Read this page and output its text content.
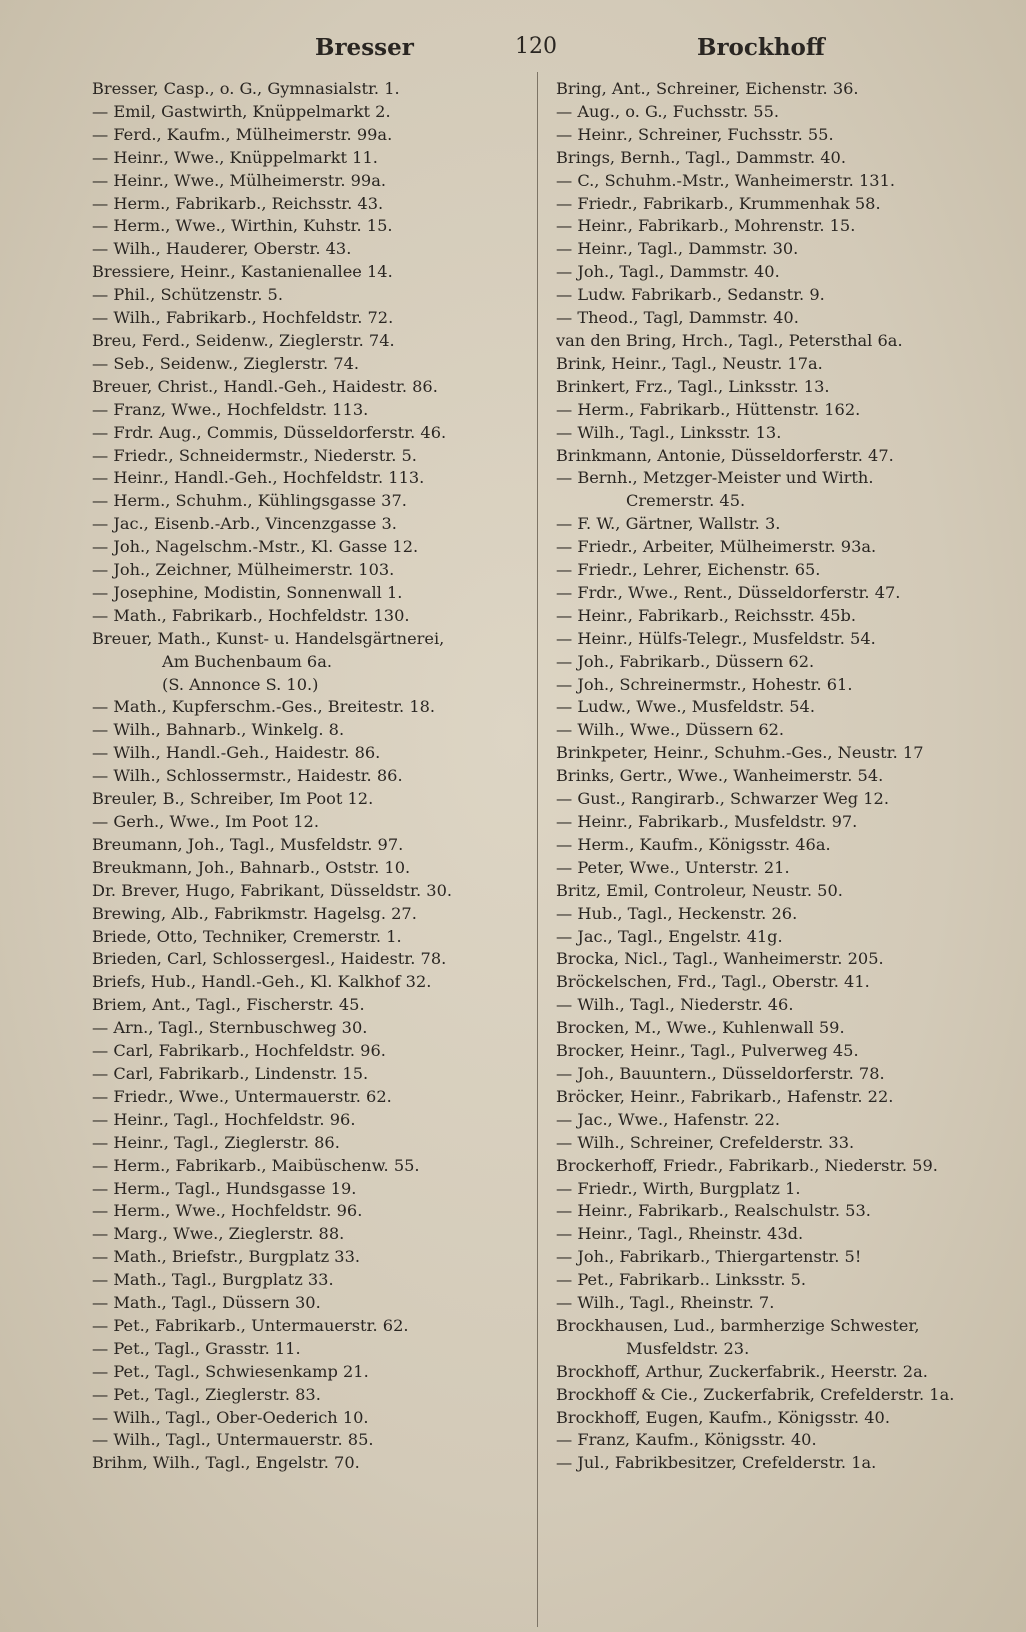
Bresser	120	Brockhoff
Bresser, Casp., o. G., Gymnasialstr. 1.
— Emil, Gastwirth, Knüppelmarkt 2.
— Ferd., Kaufm., Mülheimerstr. 99a.
— Heinr., Wwe., Knüppelmarkt 11.
— Heinr., Wwe., Mülheimerstr. 99a.
— Herm., Fabrikarb., Reichsstr. 43.
— Herm., Wwe., Wirthin, Kuhstr. 15.
— Wilh., Hauderer, Oberstr. 43.
Bressiere, Heinr., Kastanienallee 14.
— Phil., Schützenstr. 5.
— Wilh., Fabrikarb., Hochfeldstr. 72.
Breu, Ferd., Seidenw., Zieglerstr. 74.
— Seb., Seidenw., Zieglerstr. 74.
Breuer, Christ., Handl.-Geh., Haidestr. 86.
— Franz, Wwe., Hochfeldstr. 113.
— Frdr. Aug., Commis, Düsseldorferstr. 46.
— Friedr., Schneidermstr., Niederstr. 5.
— Heinr., Handl.-Geh., Hochfeldstr. 113.
— Herm., Schuhm., Kühlingsgasse 37.
— Jac., Eisenb.-Arb., Vincenzgasse 3.
— Joh., Nagelschm.-Mstr., Kl. Gasse 12.
— Joh., Zeichner, Mülheimerstr. 103.
— Josephine, Modistin, Sonnenwall 1.
— Math., Fabrikarb., Hochfeldstr. 130.
Breuer, Math., Kunst- u. Handelsgärtnerei,
Am Buchenbaum 6a.
(S. Annonce S. 10.)
— Math., Kupferschm.-Ges., Breitestr. 18.
— Wilh., Bahnarb., Winkelg. 8.
— Wilh., Handl.-Geh., Haidestr. 86.
— Wilh., Schlossermstr., Haidestr. 86.
Breuler, B., Schreiber, Im Poot 12.
— Gerh., Wwe., Im Poot 12.
Breumann, Joh., Tagl., Musfeldstr. 97.
Breukmann, Joh., Bahnarb., Oststr. 10.
Dr. Brever, Hugo, Fabrikant, Düsseldstr. 30.
Brewing, Alb., Fabrikmstr. Hagelsg. 27.
Briede, Otto, Techniker, Cremerstr. 1.
Brieden, Carl, Schlossergesl., Haidestr. 78.
Briefs, Hub., Handl.-Geh., Kl. Kalkhof 32.
Briem, Ant., Tagl., Fischerstr. 45.
— Arn., Tagl., Sternbuschweg 30.
— Carl, Fabrikarb., Hochfeldstr. 96.
— Carl, Fabrikarb., Lindenstr. 15.
— Friedr., Wwe., Untermauerstr. 62.
— Heinr., Tagl., Hochfeldstr. 96.
— Heinr., Tagl., Zieglerstr. 86.
— Herm., Fabrikarb., Maibüschenw. 55.
— Herm., Tagl., Hundsgasse 19.
— Herm., Wwe., Hochfeldstr. 96.
— Marg., Wwe., Zieglerstr. 88.
— Math., Briefstr., Burgplatz 33.
— Math., Tagl., Burgplatz 33.
— Math., Tagl., Düssern 30.
— Pet., Fabrikarb., Untermauerstr. 62.
— Pet., Tagl., Grasstr. 11.
— Pet., Tagl., Schwiesenkamp 21.
— Pet., Tagl., Zieglerstr. 83.
— Wilh., Tagl., Ober-Oederich 10.
— Wilh., Tagl., Untermauerstr. 85.
Brihm, Wilh., Tagl., Engelstr. 70.
Bring, Ant., Schreiner, Eichenstr. 36.
— Aug., o. G., Fuchsstr. 55.
— Heinr., Schreiner, Fuchsstr. 55.
Brings, Bernh., Tagl., Dammstr. 40.
— C., Schuhm.-Mstr., Wanheimerstr. 131.
— Friedr., Fabrikarb., Krummenhak 58.
— Heinr., Fabrikarb., Mohrenstr. 15.
— Heinr., Tagl., Dammstr. 30.
— Joh., Tagl., Dammstr. 40.
— Ludw. Fabrikarb., Sedanstr. 9.
— Theod., Tagl, Dammstr. 40.
van den Bring, Hrch., Tagl., Petersthal 6a.
Brink, Heinr., Tagl., Neustr. 17a.
Brinkert, Frz., Tagl., Linksstr. 13.
— Herm., Fabrikarb., Hüttenstr. 162.
— Wilh., Tagl., Linksstr. 13.
Brinkmann, Antonie, Düsseldorferstr. 47.
— Bernh., Metzger-Meister und Wirth.
Cremerstr. 45.
— F. W., Gärtner, Wallstr. 3.
— Friedr., Arbeiter, Mülheimerstr. 93a.
— Friedr., Lehrer, Eichenstr. 65.
— Frdr., Wwe., Rent., Düsseldorferstr. 47.
— Heinr., Fabrikarb., Reichsstr. 45b.
— Heinr., Hülfs-Telegr., Musfeldstr. 54.
— Joh., Fabrikarb., Düssern 62.
— Joh., Schreinermstr., Hohestr. 61.
— Ludw., Wwe., Musfeldstr. 54.
— Wilh., Wwe., Düssern 62.
Brinkpeter, Heinr., Schuhm.-Ges., Neustr. 17
Brinks, Gertr., Wwe., Wanheimerstr. 54.
— Gust., Rangirarb., Schwarzer Weg 12.
— Heinr., Fabrikarb., Musfeldstr. 97.
— Herm., Kaufm., Königsstr. 46a.
— Peter, Wwe., Unterstr. 21.
Britz, Emil, Controleur, Neustr. 50.
— Hub., Tagl., Heckenstr. 26.
— Jac., Tagl., Engelstr. 41g.
Brocka, Nicl., Tagl., Wanheimerstr. 205.
Bröckelschen, Frd., Tagl., Oberstr. 41.
— Wilh., Tagl., Niederstr. 46.
Brocken, M., Wwe., Kuhlenwall 59.
Brocker, Heinr., Tagl., Pulverweg 45.
— Joh., Bauuntern., Düsseldorferstr. 78.
Bröcker, Heinr., Fabrikarb., Hafenstr. 22.
— Jac., Wwe., Hafenstr. 22.
— Wilh., Schreiner, Crefelderstr. 33.
Brockerhoff, Friedr., Fabrikarb., Niederstr. 59.
— Friedr., Wirth, Burgplatz 1.
— Heinr., Fabrikarb., Realschulstr. 53.
— Heinr., Tagl., Rheinstr. 43d.
— Joh., Fabrikarb., Thiergartenstr. 5!
— Pet., Fabrikarb.. Linksstr. 5.
— Wilh., Tagl., Rheinstr. 7.
Brockhausen, Lud., barmherzige Schwester,
Musfeldstr. 23.
Brockhoff, Arthur, Zuckerfabrik., Heerstr. 2a.
Brockhoff & Cie., Zuckerfabrik, Crefelderstr. 1a.
Brockhoff, Eugen, Kaufm., Königsstr. 40.
— Franz, Kaufm., Königsstr. 40.
— Jul., Fabrikbesitzer, Crefelderstr. 1a.
